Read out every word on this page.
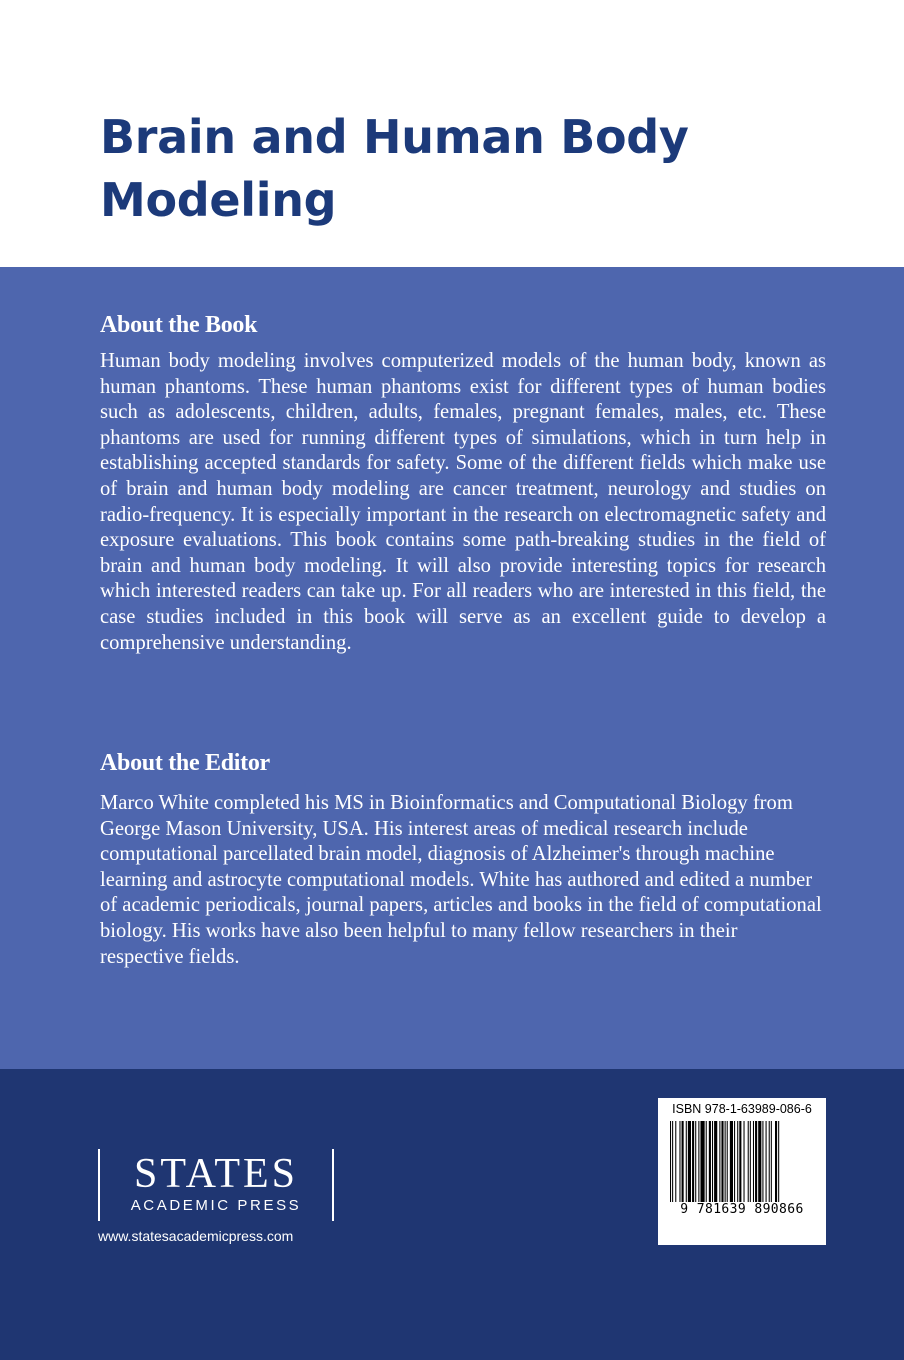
Brain and Human Body Modeling
About the Book

Human body modeling involves computerized models of the human body, known as human phantoms. These human phantoms exist for different types of human bodies such as adolescents, children, adults, females, pregnant females, males, etc. These phantoms are used for running different types of simulations, which in turn help in establishing accepted standards for safety. Some of the different fields which make use of brain and human body modeling are cancer treatment, neurology and studies on radio-frequency. It is especially important in the research on electromagnetic safety and exposure evaluations. This book contains some path-breaking studies in the field of brain and human body modeling. It will also provide interesting topics for research which interested readers can take up. For all readers who are interested in this field, the case studies included in this book will serve as an excellent guide to develop a comprehensive understanding.

About the Editor

Marco White completed his MS in Bioinformatics and Computational Biology from George Mason University, USA. His interest areas of medical research include computational parcellated brain model, diagnosis of Alzheimer's through machine learning and astrocyte computational models. White has authored and edited a number of academic periodicals, journal papers, articles and books in the field of computational biology. His works have also been helpful to many fellow researchers in their respective fields.

STATES
ACADEMIC PRESS
www.statesacademicpress.com
ISBN 978-1-63989-086-6
9 781639 890866
